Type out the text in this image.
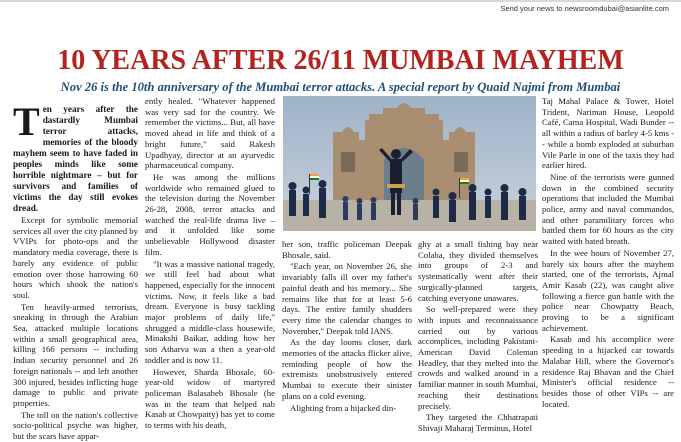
Send your news to newsroomdubai@asianlite.com
10 YEARS AFTER 26/11 MUMBAI MAYHEM
Nov 26 is the 10th anniversary of the Mumbai terror attacks. A special report by Quaid Najmi from Mumbai

Ten years after the dastardly Mumbai terror attacks, memories of the bloody mayhem seem to have faded in peoples minds like some horrible nightmare – but for survivors and families of victims the day still evokes dread.

Except for symbolic memorial services all over the city planned by VVIPs for photo-ops and the mandatory media coverage, there is barely any evidence of public emotion over those harrowing 60 hours which shook the nation's soul.

Ten heavily-armed terrorists, sneaking in through the Arabian Sea, attacked multiple locations within a small geographical area, killing 166 persons -- including Indian security personnel and 26 foreign nationals -- and left another 300 injured, besides inflicting huge damage to public and private properties.

The toll on the nation's collective socio-political psyche was higher, but the scars have appar-

ently healed. "Whatever happened was very sad for the country. We remember the victims... But, all have moved ahead in life and think of a bright future," said Rakesh Upadhyay, director at an ayurvedic pharmaceutical company.

He was among the millions worldwide who remained glued to the television during the November 26-28, 2008, terror attacks and watched the real-life drama live – and it unfolded like some unbelievable Hollywood disaster film.

"It was a massive national tragedy, we still feel bad about what happened, especially for the innocent victims. Now, it feels like a bad dream. Everyone is busy tackling major problems of daily life," shrugged a middle-class housewife, Minakshi Baikar, adding how her son Atharva was a then a year-old toddler and is now 11.

However, Sharda Bhosale, 60-year-old widow of martyred policeman Balasaheb Bhosale (he was in the team that helped nab Kasab at Chowpatty) has yet to come to terms with his death,

her son, traffic policeman Deepak Bhosale, said.

"Each year, on November 26, she invariably falls ill over my father's painful death and his memory... She remains like that for at least 5-6 days. The entire family shudders every time the calendar changes to November," Deepak told IANS.

As the day looms closer, dark memories of the attacks flicker alive, reminding people of how the extremists unobstrusively entered Mumbai to execute their sinister plans on a cold evening.

Alighting from a hijacked din-

ghy at a small fishing bay near Colaba, they divided themselves into groups of 2-3 and systematically went after their surgically-planned targets, catching everyone unawares.

So well-prepared were they with inputs and reconnaissance carried out by various accomplices, including Pakistani-American David Coleman Headley, that they melted into the crowds and walked around in a familiar manner in south Mumbai, reaching their destinations precisely.

They targeted the Chhatrapati Shivaji Maharaj Terminus, Hotel

Taj Mahal Palace & Tower, Hotel Trident, Nariman House, Leopold Café, Cama Hospital, Wadi Bunder -- all within a radius of barley 4-5 kms -- while a bomb exploded at suburban Vile Parle in one of the taxis they had earlier hired.

Nine of the terrorists were gunned down in the combined security operations that included the Mumbai police, army and naval commandos, and other paramilitary forces who battled them for 60 hours as the city waited with bated breath.

In the wee hours of November 27, barely six hours after the mayhem started, one of the terrorists, Ajmal Amir Kasab (22), was caught alive following a fierce gun battle with the police near Chowpatty Beach, proving to be a significant achievement.

Kasab and his accomplice were speeding in a hijacked car towards Malabar Hill, where the Governor's residence Raj Bhavan and the Chief Minister's official residence -- besides those of other VIPs -- are located.
